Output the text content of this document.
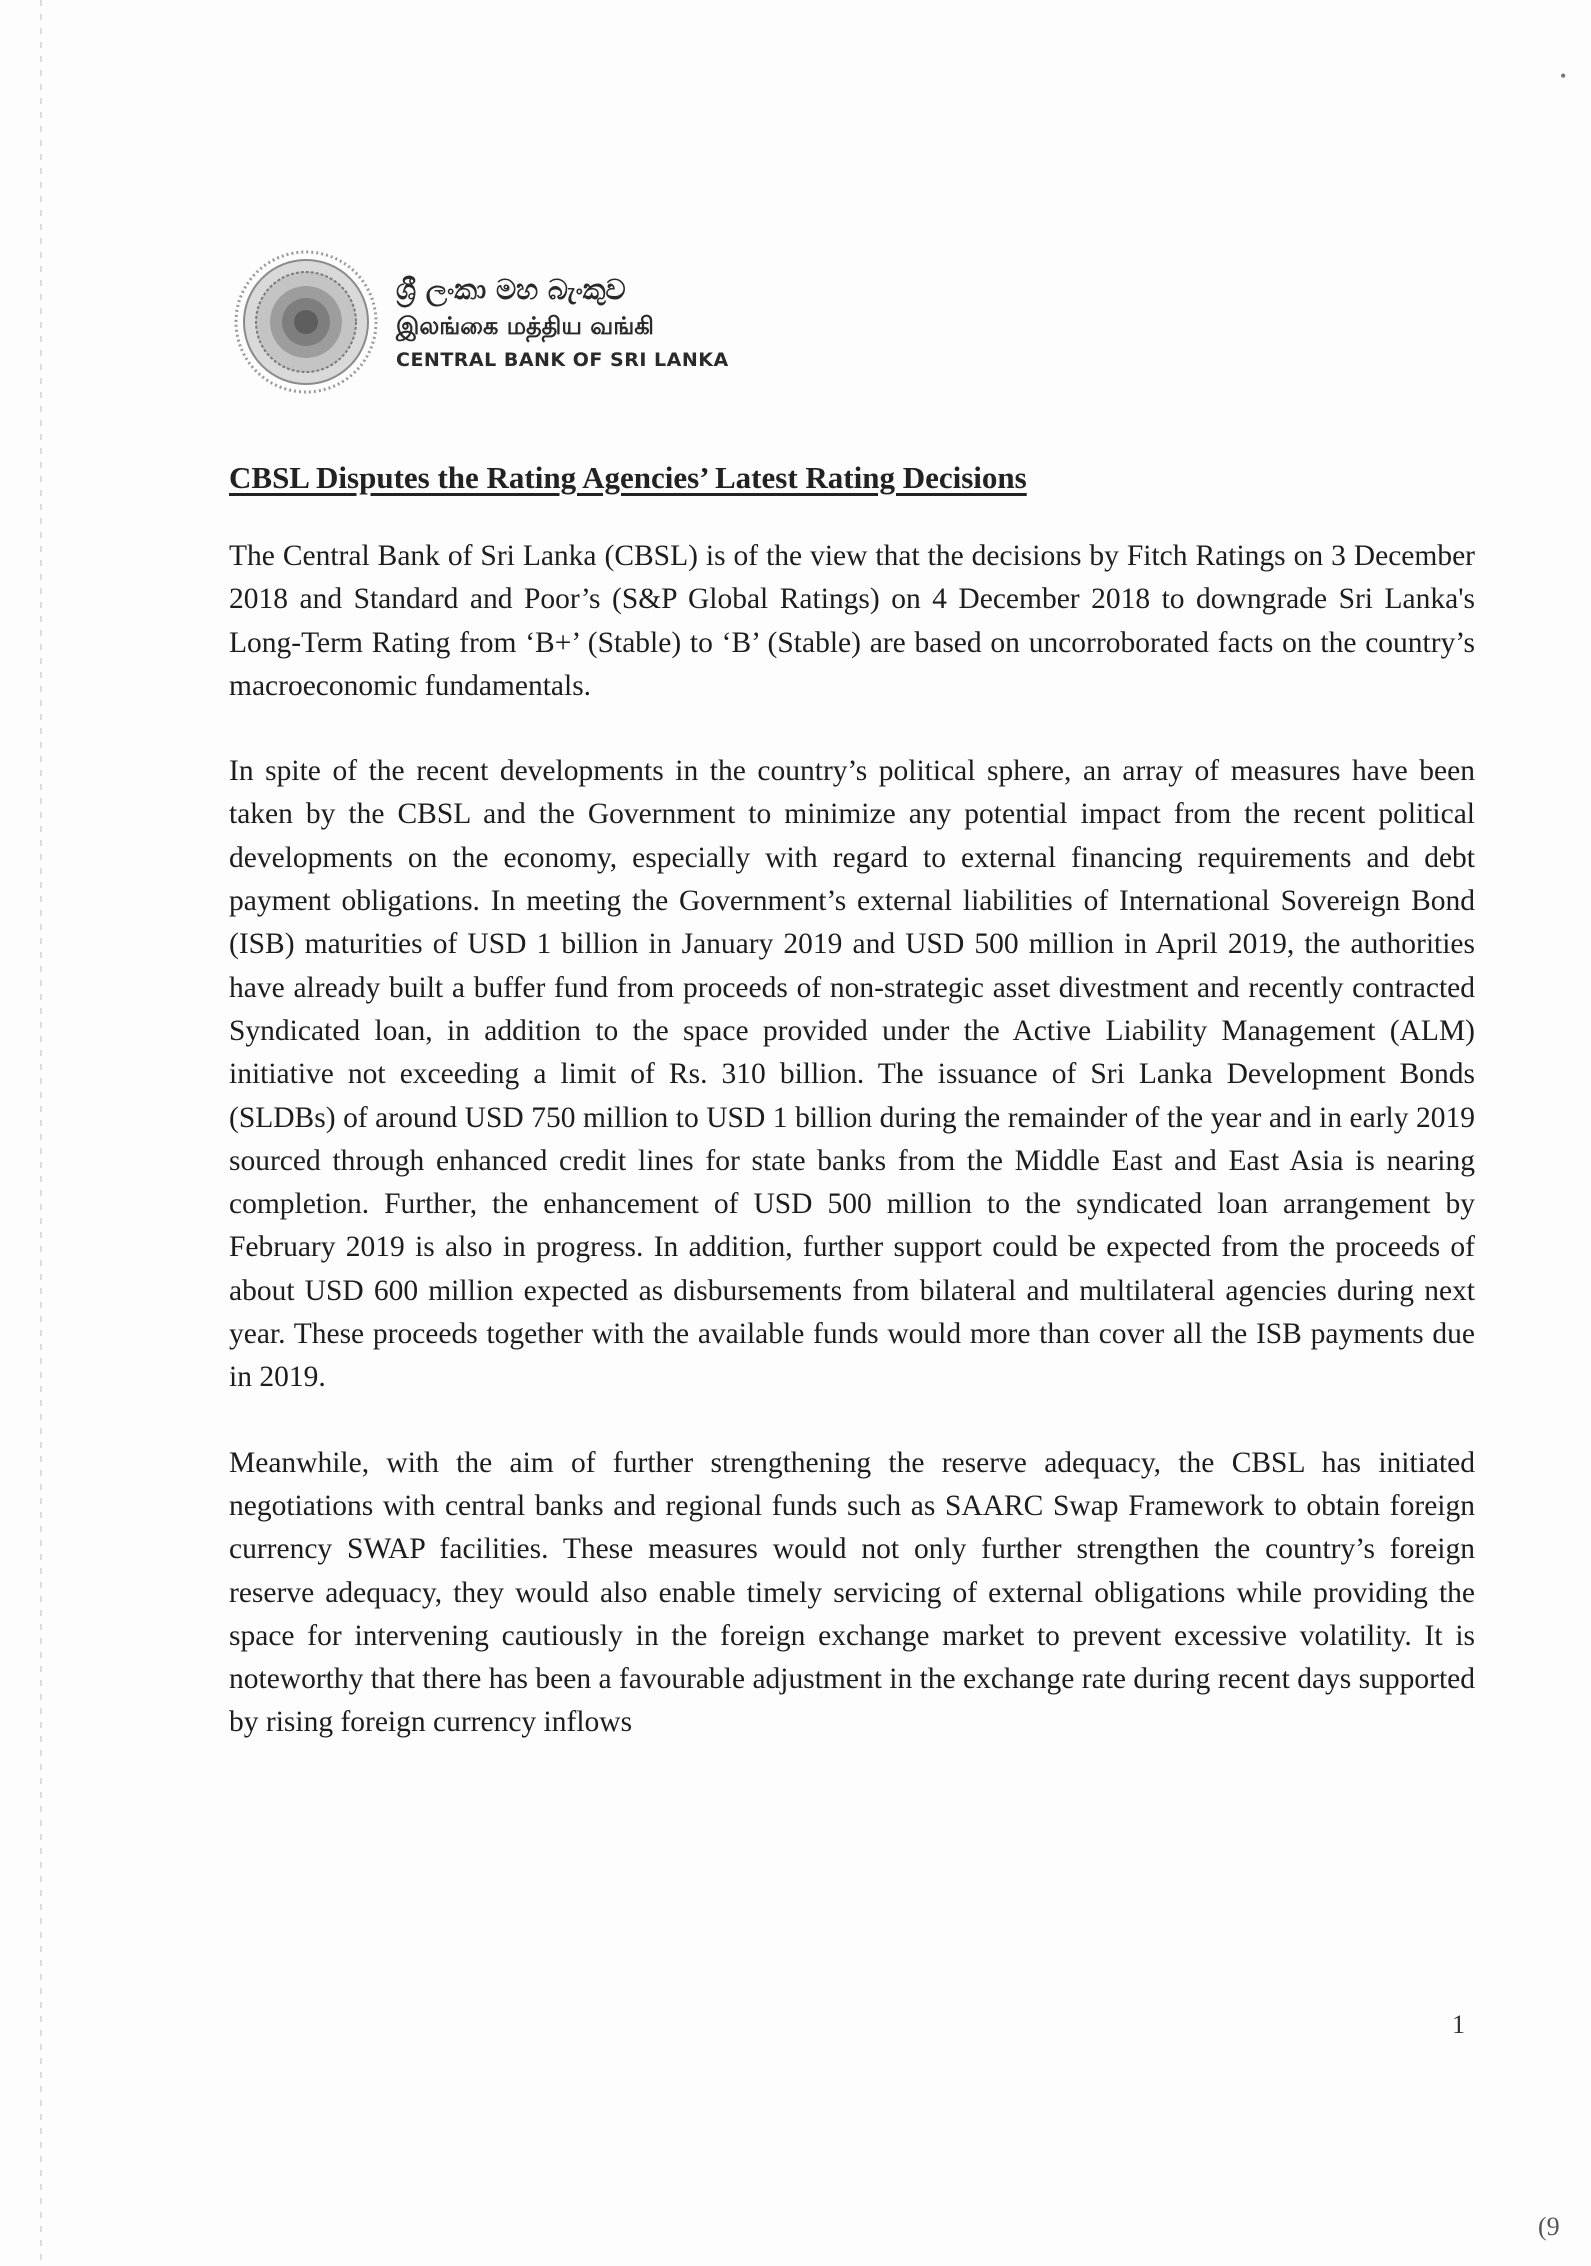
•
ශ්‍රී ලංකා මහ බැංකුව
இலங்கை மத்திய வங்கி
CENTRAL BANK OF SRI LANKA
CBSL Disputes the Rating Agencies’ Latest Rating Decisions

The Central Bank of Sri Lanka (CBSL) is of the view that the decisions by Fitch Ratings on 3 December 2018 and Standard and Poor’s (S&P Global Ratings) on 4 December 2018 to downgrade Sri Lanka's Long-Term Rating from ‘B+’ (Stable) to ‘B’ (Stable) are based on uncorroborated facts on the country’s macroeconomic fundamentals.

In spite of the recent developments in the country’s political sphere, an array of measures have been taken by the CBSL and the Government to minimize any potential impact from the recent political developments on the economy, especially with regard to external financing requirements and debt payment obligations. In meeting the Government’s external liabilities of International Sovereign Bond (ISB) maturities of USD 1 billion in January 2019 and USD 500 million in April 2019, the authorities have already built a buffer fund from proceeds of non-strategic asset divestment and recently contracted Syndicated loan, in addition to the space provided under the Active Liability Management (ALM) initiative not exceeding a limit of Rs. 310 billion. The issuance of Sri Lanka Development Bonds (SLDBs) of around USD 750 million to USD 1 billion during the remainder of the year and in early 2019 sourced through enhanced credit lines for state banks from the Middle East and East Asia is nearing completion. Further, the enhancement of USD 500 million to the syndicated loan arrangement by February 2019 is also in progress. In addition, further support could be expected from the proceeds of about USD 600 million expected as disbursements from bilateral and multilateral agencies during next year. These proceeds together with the available funds would more than cover all the ISB payments due in 2019.

Meanwhile, with the aim of further strengthening the reserve adequacy, the CBSL has initiated negotiations with central banks and regional funds such as SAARC Swap Framework to obtain foreign currency SWAP facilities. These measures would not only further strengthen the country’s foreign reserve adequacy, they would also enable timely servicing of external obligations while providing the space for intervening cautiously in the foreign exchange market to prevent excessive volatility. It is noteworthy that there has been a favourable adjustment in the exchange rate during recent days supported by rising foreign currency inflows

1
(9
